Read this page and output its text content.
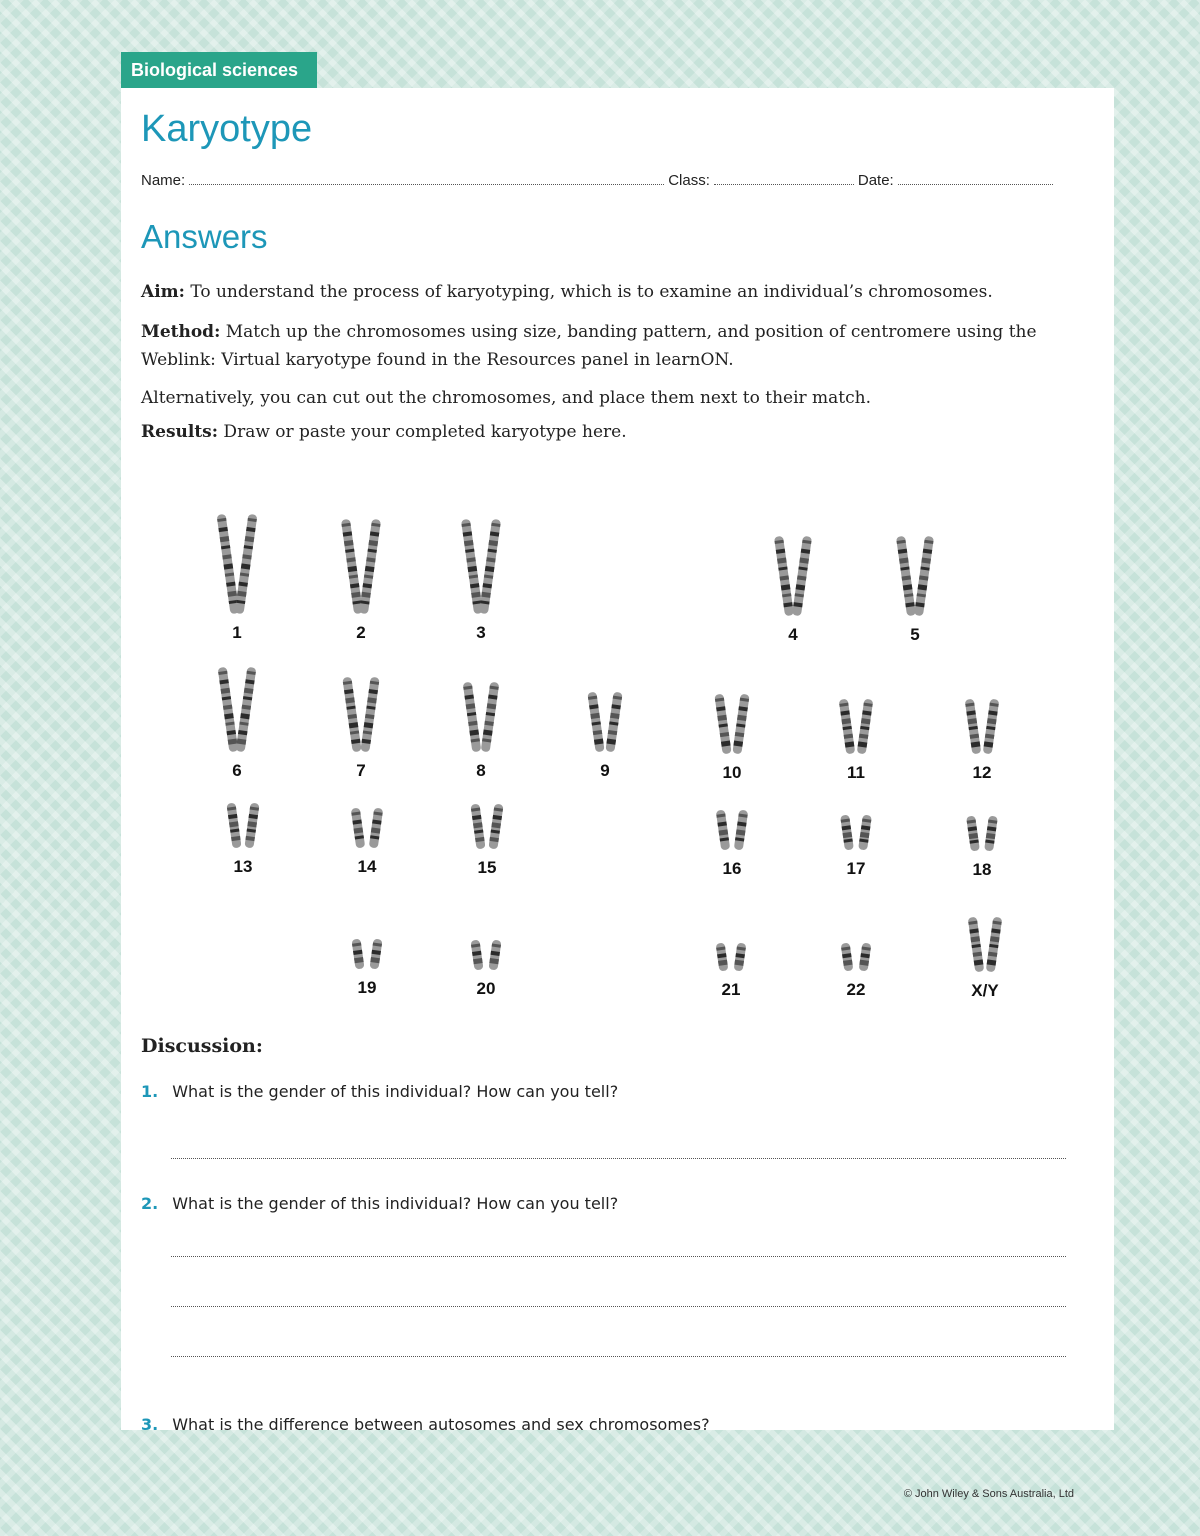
Biological sciences
Karyotype
Name:	Class:	Date:
Answers
Aim: To understand the process of karyotyping, which is to examine an individual’s chromosomes.
Method: Match up the chromosomes using size, banding pattern, and position of centromere using the Weblink: Virtual karyotype found in the Resources panel in learnON.
Alternatively, you can cut out the chromosomes, and place them next to their match.
Results: Draw or paste your completed karyotype here.
1	2	3	4	5
6	7	8	9	10	11	12
13	14	15	16	17	18
19	20	21	22	X/Y
Discussion:
1. What is the gender of this individual? How can you tell?
2. What is the gender of this individual? How can you tell?
3. What is the difference between autosomes and sex chromosomes?
© John Wiley & Sons Australia, Ltd
